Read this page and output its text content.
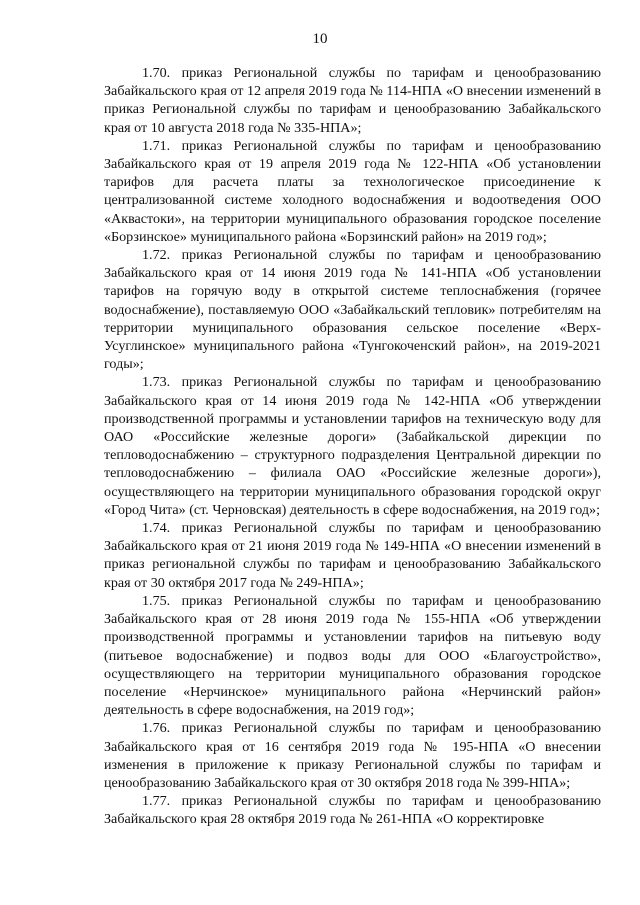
10

1.70. приказ Региональной службы по тарифам и ценообразованию Забайкальского края от 12 апреля 2019 года № 114-НПА «О внесении изменений в приказ Региональной службы по тарифам и ценообразованию Забайкальского края от 10 августа 2018 года № 335-НПА»;

1.71. приказ Региональной службы по тарифам и ценообразованию Забайкальского края от 19 апреля 2019 года № 122-НПА «Об установлении тарифов для расчета платы за технологическое присоединение к централизованной системе холодного водоснабжения и водоотведения ООО «Аквастоки», на территории муниципального образования городское поселение «Борзинское» муниципального района «Борзинский район» на 2019 год»;

1.72. приказ Региональной службы по тарифам и ценообразованию Забайкальского края от 14 июня 2019 года № 141-НПА «Об установлении тарифов на горячую воду в открытой системе теплоснабжения (горячее водоснабжение), поставляемую ООО «Забайкальский тепловик» потребителям на территории муниципального образования сельское поселение «Верх-Усуглинское» муниципального района «Тунгокоченский район», на 2019-2021 годы»;

1.73. приказ Региональной службы по тарифам и ценообразованию Забайкальского края от 14 июня 2019 года № 142-НПА «Об утверждении производственной программы и установлении тарифов на техническую воду для ОАО «Российские железные дороги» (Забайкальской дирекции по тепловодоснабжению – структурного подразделения Центральной дирекции по тепловодоснабжению – филиала ОАО «Российские железные дороги»), осуществляющего на территории муниципального образования городской округ «Город Чита» (ст. Черновская) деятельность в сфере водоснабжения, на 2019 год»;

1.74. приказ Региональной службы по тарифам и ценообразованию Забайкальского края от 21 июня 2019 года № 149-НПА «О внесении изменений в приказ региональной службы по тарифам и ценообразованию Забайкальского края от 30 октября 2017 года № 249-НПА»;

1.75. приказ Региональной службы по тарифам и ценообразованию Забайкальского края от 28 июня 2019 года № 155-НПА «Об утверждении производственной программы и установлении тарифов на питьевую воду (питьевое водоснабжение) и подвоз воды для ООО «Благоустройство», осуществляющего на территории муниципального образования городское поселение «Нерчинское» муниципального района «Нерчинский район» деятельность в сфере водоснабжения, на 2019 год»;

1.76. приказ Региональной службы по тарифам и ценообразованию Забайкальского края от 16 сентября 2019 года № 195-НПА «О внесении изменения в приложение к приказу Региональной службы по тарифам и ценообразованию Забайкальского края от 30 октября 2018 года № 399-НПА»;

1.77. приказ Региональной службы по тарифам и ценообразованию Забайкальского края 28 октября 2019 года № 261-НПА «О корректировке
